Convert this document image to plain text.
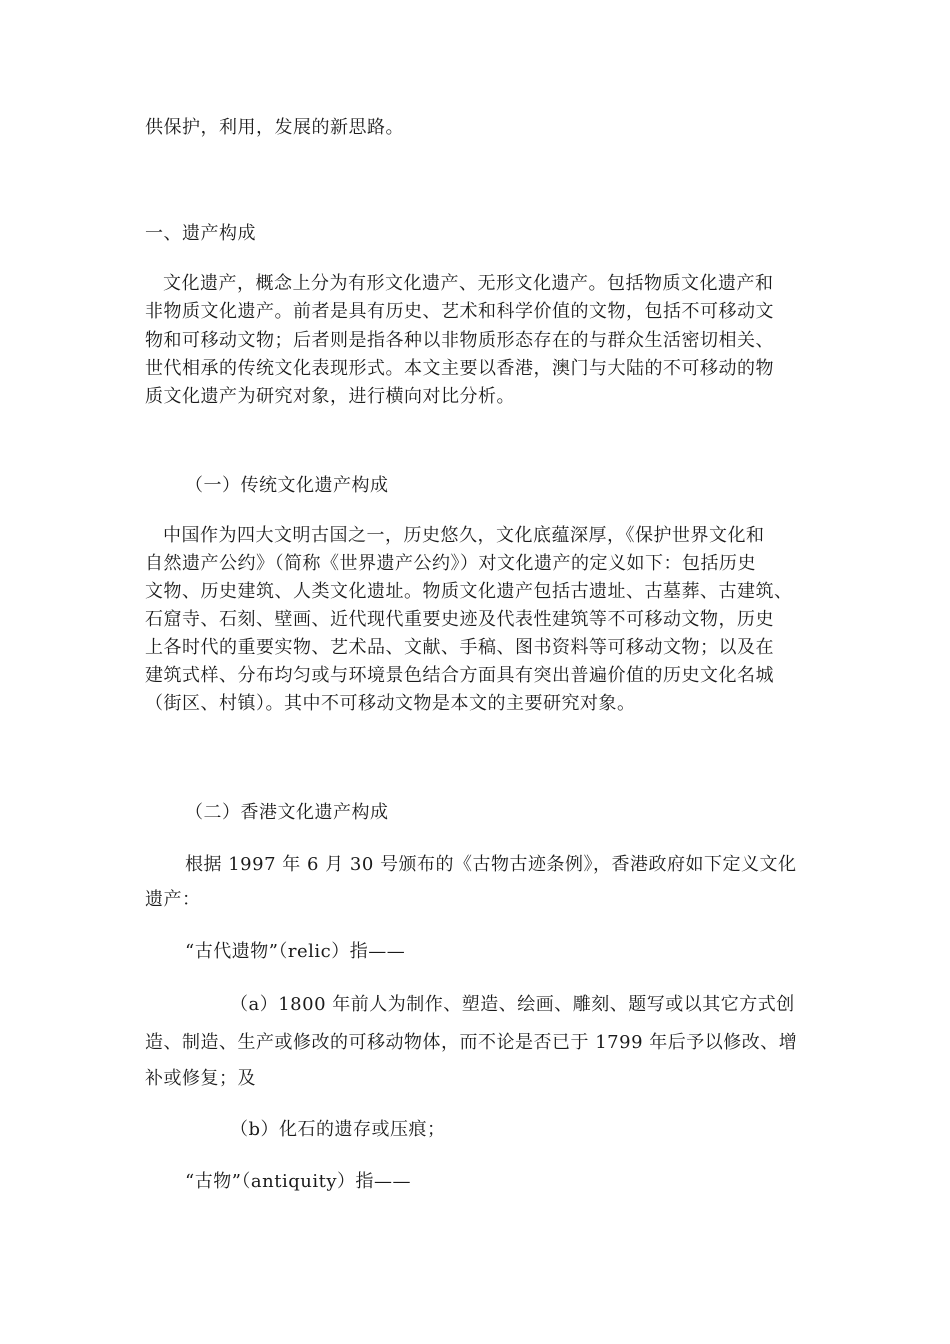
供保护，利用，发展的新思路。
一、遗产构成
文化遗产，概念上分为有形文化遗产、无形文化遗产。包括物质文化遗产和
非物质文化遗产。前者是具有历史、艺术和科学价值的文物，包括不可移动文
物和可移动文物；后者则是指各种以非物质形态存在的与群众生活密切相关、
世代相承的传统文化表现形式。本文主要以香港，澳门与大陆的不可移动的物
质文化遗产为研究对象，进行横向对比分析。
（一）传统文化遗产构成
中国作为四大文明古国之一，历史悠久，文化底蕴深厚，《保护世界文化和
自然遗产公约》（简称《世界遗产公约》）对文化遗产的定义如下：包括历史
文物、历史建筑、人类文化遗址。物质文化遗产包括古遗址、古墓葬、古建筑、
石窟寺、石刻、壁画、近代现代重要史迹及代表性建筑等不可移动文物，历史
上各时代的重要实物、艺术品、文献、手稿、图书资料等可移动文物；以及在
建筑式样、分布均匀或与环境景色结合方面具有突出普遍价值的历史文化名城
（街区、村镇）。其中不可移动文物是本文的主要研究对象。
（二）香港文化遗产构成
根据 1997 年 6 月 30 号颁布的《古物古迹条例》，香港政府如下定义文化
遗产：
“古代遗物”（relic）指——
（a）1800 年前人为制作、塑造、绘画、雕刻、题写或以其它方式创
造、制造、生产或修改的可移动物体，而不论是否已于 1799 年后予以修改、增
补或修复；及
（b）化石的遗存或压痕；
“古物”（antiquity）指——
